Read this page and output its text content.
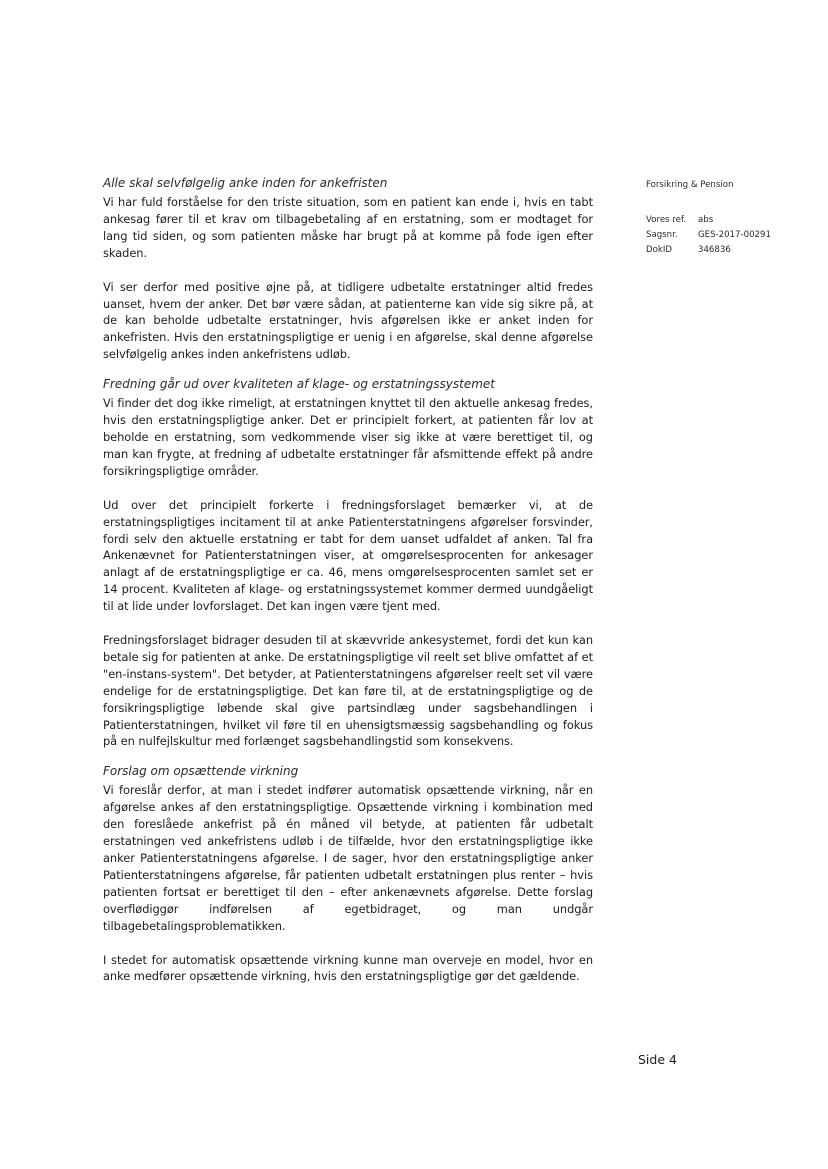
Forsikring & Pension
Vores ref.	abs
Sagsnr.	GES-2017-00291
DokID	346836
Alle skal selvfølgelig anke inden for ankefristen

Vi har fuld forståelse for den triste situation, som en patient kan ende i, hvis en tabt ankesag fører til et krav om tilbagebetaling af en erstatning, som er modtaget for lang tid siden, og som patienten måske har brugt på at komme på fode igen efter skaden.

Vi ser derfor med positive øjne på, at tidligere udbetalte erstatninger altid fredes uanset, hvem der anker. Det bør være sådan, at patienterne kan vide sig sikre på, at de kan beholde udbetalte erstatninger, hvis afgørelsen ikke er anket inden for ankefristen. Hvis den erstatningspligtige er uenig i en afgørelse, skal denne afgørelse selvfølgelig ankes inden ankefristens udløb.

Fredning går ud over kvaliteten af klage- og erstatningssystemet

Vi finder det dog ikke rimeligt, at erstatningen knyttet til den aktuelle ankesag fredes, hvis den erstatningspligtige anker. Det er principielt forkert, at patienten får lov at beholde en erstatning, som vedkommende viser sig ikke at være berettiget til, og man kan frygte, at fredning af udbetalte erstatninger får afsmittende effekt på andre forsikringspligtige områder.

Ud over det principielt forkerte i fredningsforslaget bemærker vi, at de erstatningspligtiges incitament til at anke Patienterstatningens afgørelser forsvinder, fordi selv den aktuelle erstatning er tabt for dem uanset udfaldet af anken. Tal fra Ankenævnet for Patienterstatningen viser, at omgørelsesprocenten for ankesager anlagt af de erstatningspligtige er ca. 46, mens omgørelsesprocenten samlet set er 14 procent. Kvaliteten af klage- og erstatningssystemet kommer dermed uundgåeligt til at lide under lovforslaget. Det kan ingen være tjent med.

Fredningsforslaget bidrager desuden til at skævvride ankesystemet, fordi det kun kan betale sig for patienten at anke. De erstatningspligtige vil reelt set blive omfattet af et "en-instans-system". Det betyder, at Patienterstatningens afgørelser reelt set vil være endelige for de erstatningspligtige. Det kan føre til, at de erstatningspligtige og de forsikringspligtige løbende skal give partsindlæg under sagsbehandlingen i Patienterstatningen, hvilket vil føre til en uhensigtsmæssig sagsbehandling og fokus på en nulfejlskultur med forlænget sagsbehandlingstid som konsekvens.

Forslag om opsættende virkning

Vi foreslår derfor, at man i stedet indfører automatisk opsættende virkning, når en afgørelse ankes af den erstatningspligtige. Opsættende virkning i kombination med den foreslåede ankefrist på én måned vil betyde, at patienten får udbetalt erstatningen ved ankefristens udløb i de tilfælde, hvor den erstatningspligtige ikke anker Patienterstatningens afgørelse. I de sager, hvor den erstatningspligtige anker Patienterstatningens afgørelse, får patienten udbetalt erstatningen plus renter – hvis patienten fortsat er berettiget til den – efter ankenævnets afgørelse. Dette forslag overflødiggør indførelsen af egetbidraget, og man undgår tilbagebetalingsproblematikken.

I stedet for automatisk opsættende virkning kunne man overveje en model, hvor en anke medfører opsættende virkning, hvis den erstatningspligtige gør det gældende.

Side 4
